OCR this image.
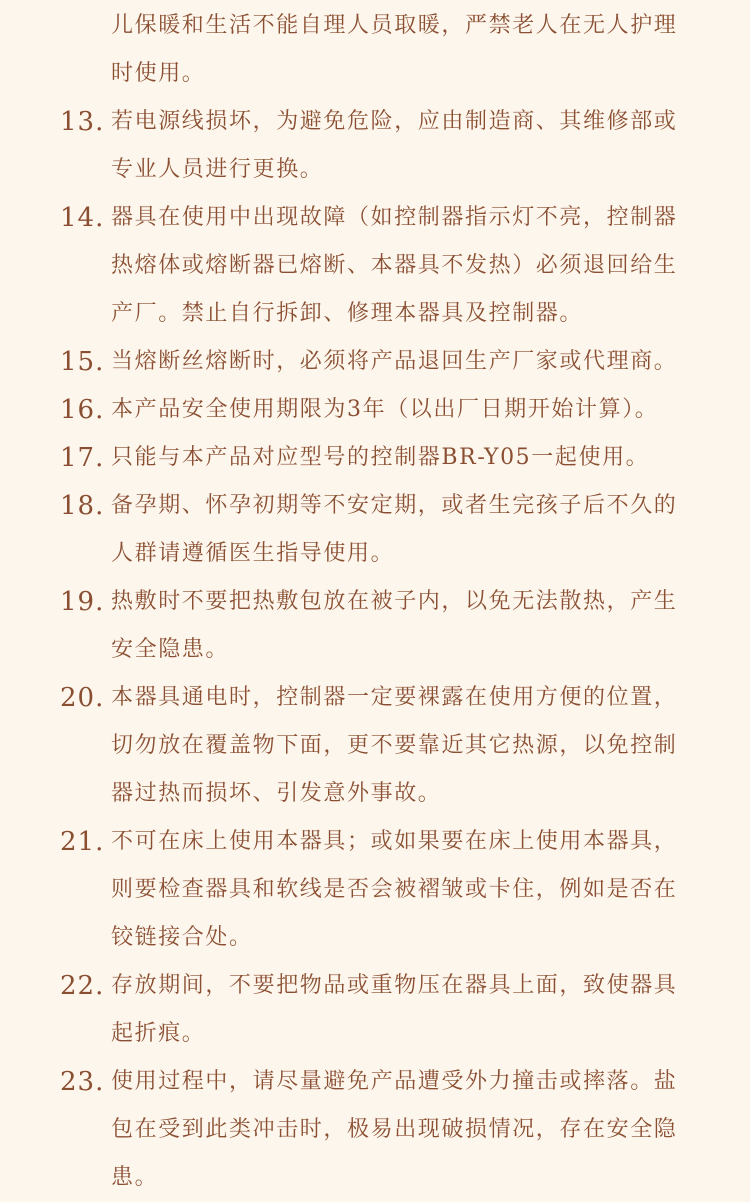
儿保暖和生活不能自理人员取暖，严禁老人在无人护理时使用。
13. 若电源线损坏，为避免危险，应由制造商、其维修部或专业人员进行更换。
14. 器具在使用中出现故障（如控制器指示灯不亮，控制器热熔体或熔断器已熔断、本器具不发热）必须退回给生产厂。禁止自行拆卸、修理本器具及控制器。
15. 当熔断丝熔断时，必须将产品退回生产厂家或代理商。
16. 本产品安全使用期限为3年（以出厂日期开始计算）。
17. 只能与本产品对应型号的控制器BR-Y05一起使用。
18. 备孕期、怀孕初期等不安定期，或者生完孩子后不久的人群请遵循医生指导使用。
19. 热敷时不要把热敷包放在被子内，以免无法散热，产生安全隐患。
20. 本器具通电时，控制器一定要裸露在使用方便的位置，切勿放在覆盖物下面，更不要靠近其它热源，以免控制器过热而损坏、引发意外事故。
21. 不可在床上使用本器具；或如果要在床上使用本器具，则要检查器具和软线是否会被褶皱或卡住，例如是否在铰链接合处。
22. 存放期间，不要把物品或重物压在器具上面，致使器具起折痕。
23. 使用过程中，请尽量避免产品遭受外力撞击或摔落。盐包在受到此类冲击时，极易出现破损情况，存在安全隐患。
